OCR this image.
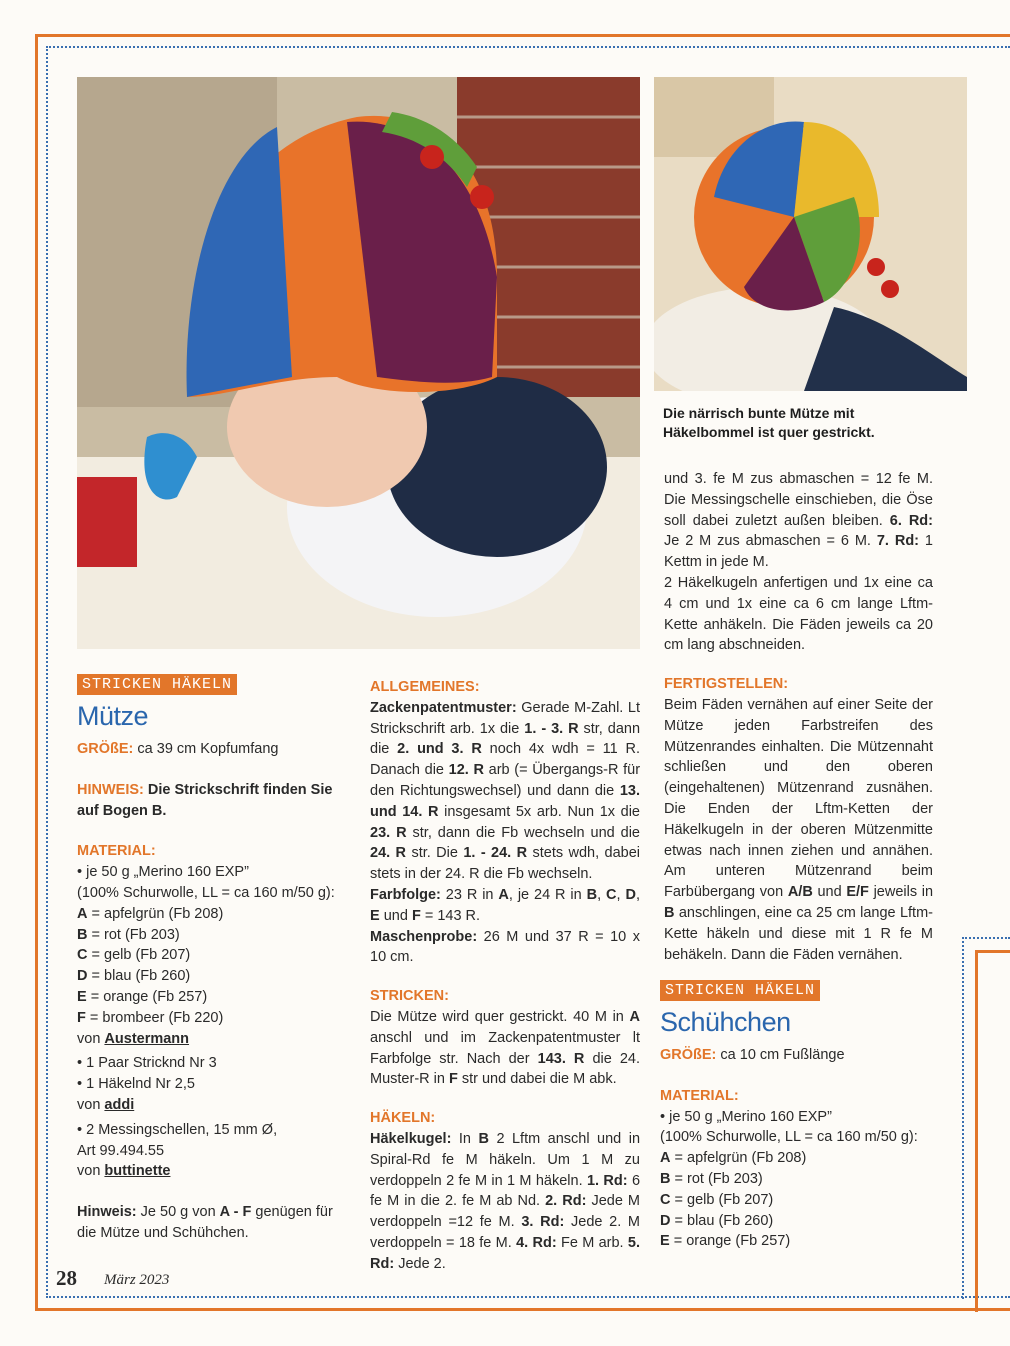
Die närrisch bunte Mütze mit Häkelbommel ist quer gestrickt.
STRICKEN HÄKELN
Mütze

GRÖßE: ca 39 cm Kopfumfang

HINWEIS: Die Strickschrift finden Sie auf Bogen B.

MATERIAL:

• je 50 g „Merino 160 EXP”

(100% Schurwolle, LL = ca 160 m/50 g):

A = apfelgrün (Fb 208)

B = rot (Fb 203)

C = gelb (Fb 207)

D = blau (Fb 260)

E = orange (Fb 257)

F = brombeer (Fb 220)

von Austermann

• 1 Paar Stricknd Nr 3

• 1 Häkelnd Nr 2,5

von addi

• 2 Messingschellen, 15 mm Ø,

Art 99.494.55

von buttinette

Hinweis: Je 50 g von A - F genügen für die Mütze und Schühchen.

ALLGEMEINES:

Zackenpatentmuster: Gerade M-Zahl. Lt Strickschrift arb. 1x die 1. - 3. R str, dann die 2. und 3. R noch 4x wdh = 11 R. Danach die 12. R arb (= Übergangs-R für den Richtungswechsel) und dann die 13. und 14. R insgesamt 5x arb. Nun 1x die 23. R str, dann die Fb wechseln und die 24. R str. Die 1. - 24. R stets wdh, dabei stets in der 24. R die Fb wechseln.

Farbfolge: 23 R in A, je 24 R in B, C, D, E und F = 143 R.

Maschenprobe: 26 M und 37 R = 10 x 10 cm.

STRICKEN:

Die Mütze wird quer gestrickt. 40 M in A anschl und im Zackenpatentmuster lt Farbfolge str. Nach der 143. R die 24. Muster-R in F str und dabei die M abk.

HÄKELN:

Häkelkugel: In B 2 Lftm anschl und in Spiral-Rd fe M häkeln. Um 1 M zu verdoppeln 2 fe M in 1 M häkeln. 1. Rd: 6 fe M in die 2. fe M ab Nd. 2. Rd: Jede M verdoppeln =12 fe M. 3. Rd: Jede 2. M verdoppeln = 18 fe M. 4. Rd: Fe M arb. 5. Rd: Jede 2.

und 3. fe M zus abmaschen = 12 fe M. Die Messingschelle einschieben, die Öse soll dabei zuletzt außen bleiben. 6. Rd: Je 2 M zus abmaschen = 6 M. 7. Rd: 1 Kettm in jede M.

2 Häkelkugeln anfertigen und 1x eine ca 4 cm und 1x eine ca 6 cm lange Lftm-Kette anhäkeln. Die Fäden jeweils ca 20 cm lang abschneiden.

FERTIGSTELLEN:

Beim Fäden vernähen auf einer Seite der Mütze jeden Farbstreifen des Mützenrandes einhalten. Die Mützennaht schließen und den oberen (eingehaltenen) Mützenrand zusnähen. Die Enden der Lftm-Ketten der Häkelkugeln in der oberen Mützenmitte etwas nach innen ziehen und annähen. Am unteren Mützenrand beim Farbübergang von A/B und E/F jeweils in B anschlingen, eine ca 25 cm lange Lftm-Kette häkeln und diese mit 1 R fe M behäkeln. Dann die Fäden vernähen.

STRICKEN HÄKELN
Schühchen

GRÖßE: ca 10 cm Fußlänge

MATERIAL:

• je 50 g „Merino 160 EXP”

(100% Schurwolle, LL = ca 160 m/50 g):

A = apfelgrün (Fb 208)

B = rot (Fb 203)

C = gelb (Fb 207)

D = blau (Fb 260)

E = orange (Fb 257)

28 März 2023
